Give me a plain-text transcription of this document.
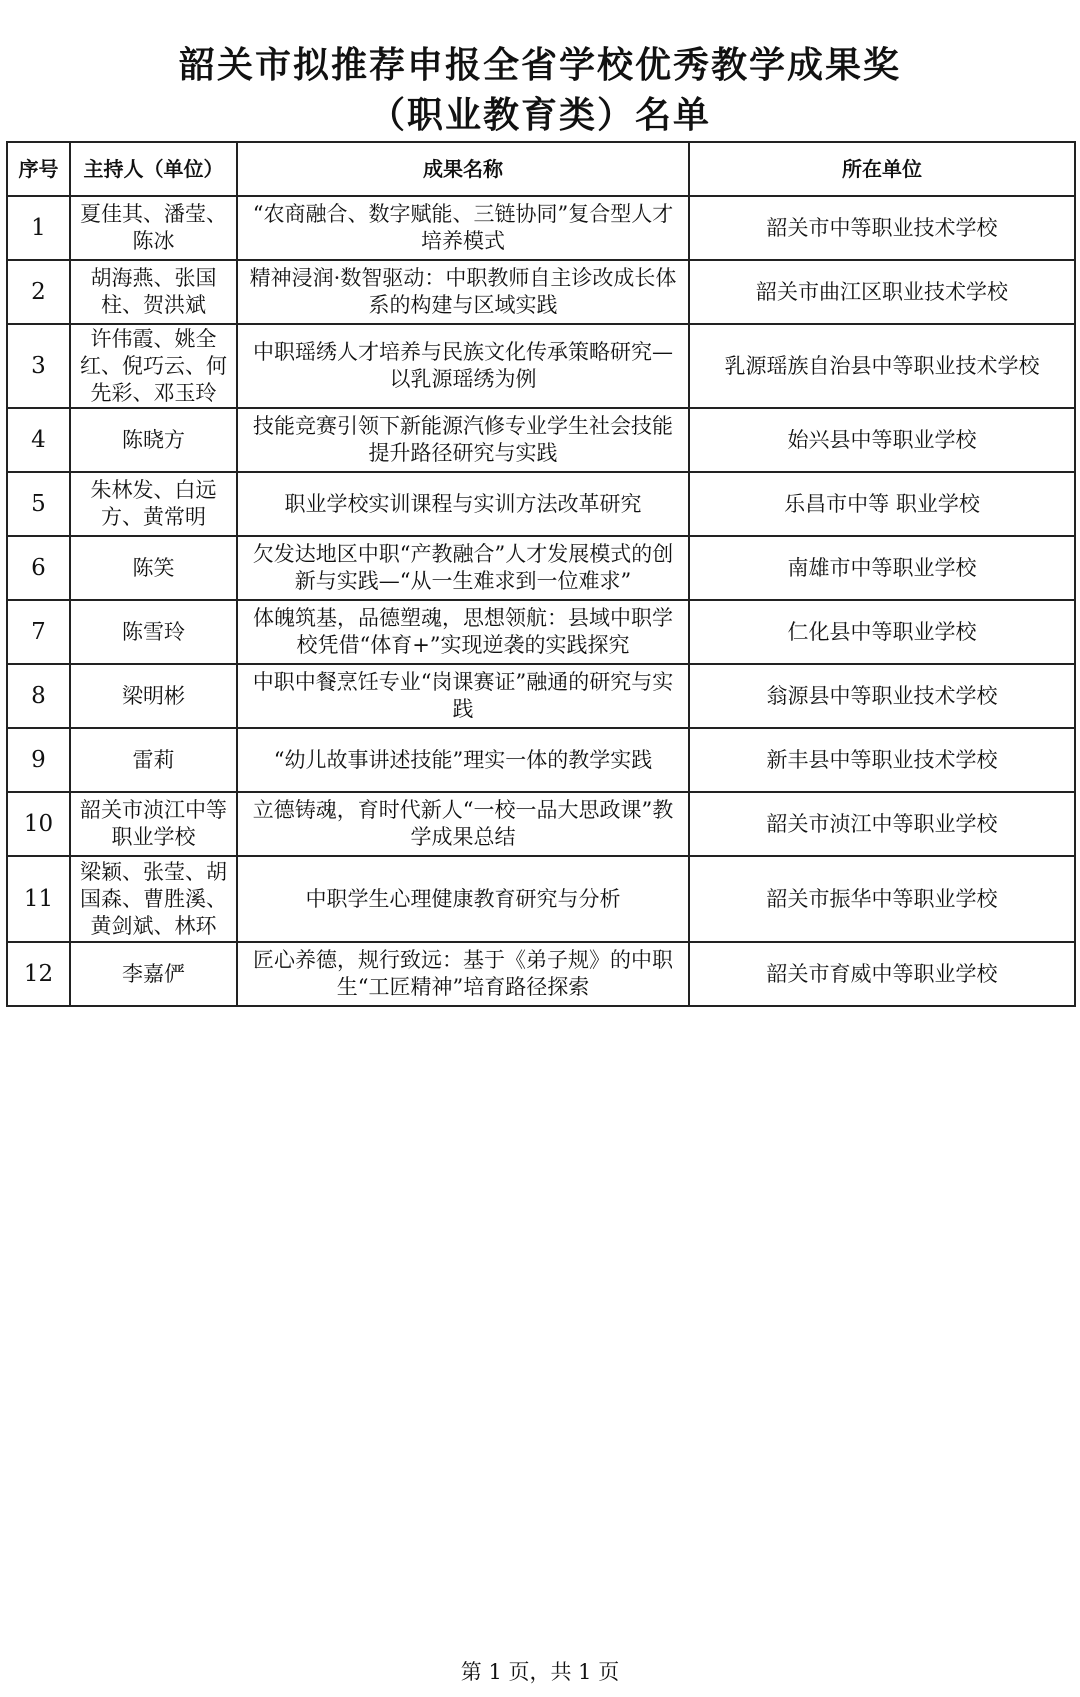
韶关市拟推荐申报全省学校优秀教学成果奖
（职业教育类）名单
序号	主持人（单位）	成果名称	所在单位
1	夏佳其、潘莹、陈冰	“农商融合、数字赋能、三链协同”复合型人才培养模式	韶关市中等职业技术学校
2	胡海燕、张国柱、贺洪斌	精神浸润·数智驱动：中职教师自主诊改成长体系的构建与区域实践	韶关市曲江区职业技术学校
3	许伟霞、姚全红、倪巧云、何先彩、邓玉玲	中职瑶绣人才培养与民族文化传承策略研究—以乳源瑶绣为例	乳源瑶族自治县中等职业技术学校
4	陈晓方	技能竞赛引领下新能源汽修专业学生社会技能提升路径研究与实践	始兴县中等职业学校
5	朱林发、白远方、黄常明	职业学校实训课程与实训方法改革研究	乐昌市中等 职业学校
6	陈笑	欠发达地区中职“产教融合”人才发展模式的创新与实践—“从一生难求到一位难求”	南雄市中等职业学校
7	陈雪玲	体魄筑基，品德塑魂，思想领航：县域中职学校凭借“体育+”实现逆袭的实践探究	仁化县中等职业学校
8	梁明彬	中职中餐烹饪专业“岗课赛证”融通的研究与实践	翁源县中等职业技术学校
9	雷莉	“幼儿故事讲述技能”理实一体的教学实践	新丰县中等职业技术学校
10	韶关市浈江中等职业学校	立德铸魂，育时代新人“一校一品大思政课”教学成果总结	韶关市浈江中等职业学校
11	梁颖、张莹、胡国森、曹胜溪、黄剑斌、林环	中职学生心理健康教育研究与分析	韶关市振华中等职业学校
12	李嘉俨	匠心养德，规行致远：基于《弟子规》的中职生“工匠精神”培育路径探索	韶关市育威中等职业学校
第 1 页，共 1 页
